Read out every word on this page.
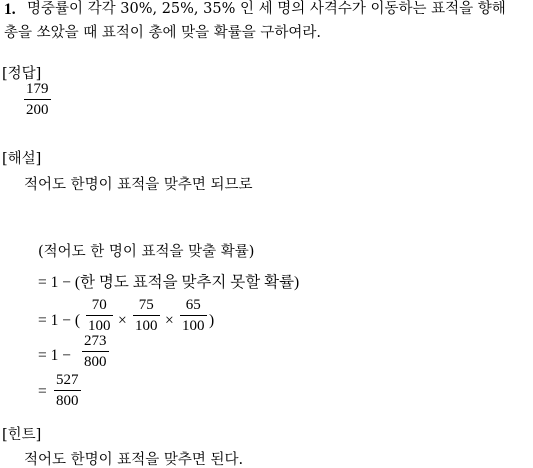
1. 명중률이 각각 30%, 25%, 35% 인 세 명의 사격수가 이동하는 표적을 향해
총을 쏘았을 때 표적이 총에 맞을 확률을 구하여라.
[정답]
179
200
[해설]
적어도 한명이 표적을 맞추면 되므로
(적어도 한 명이 표적을 맞출 확률)
= 1 − (한 명도 표적을 맞추지 못할 확률)
= 1 − (
70
100 ×
75
100 ×
65
100 )
= 1 −
273
800
=
527
800
[힌트]
적어도 한명이 표적을 맞추면 된다.
